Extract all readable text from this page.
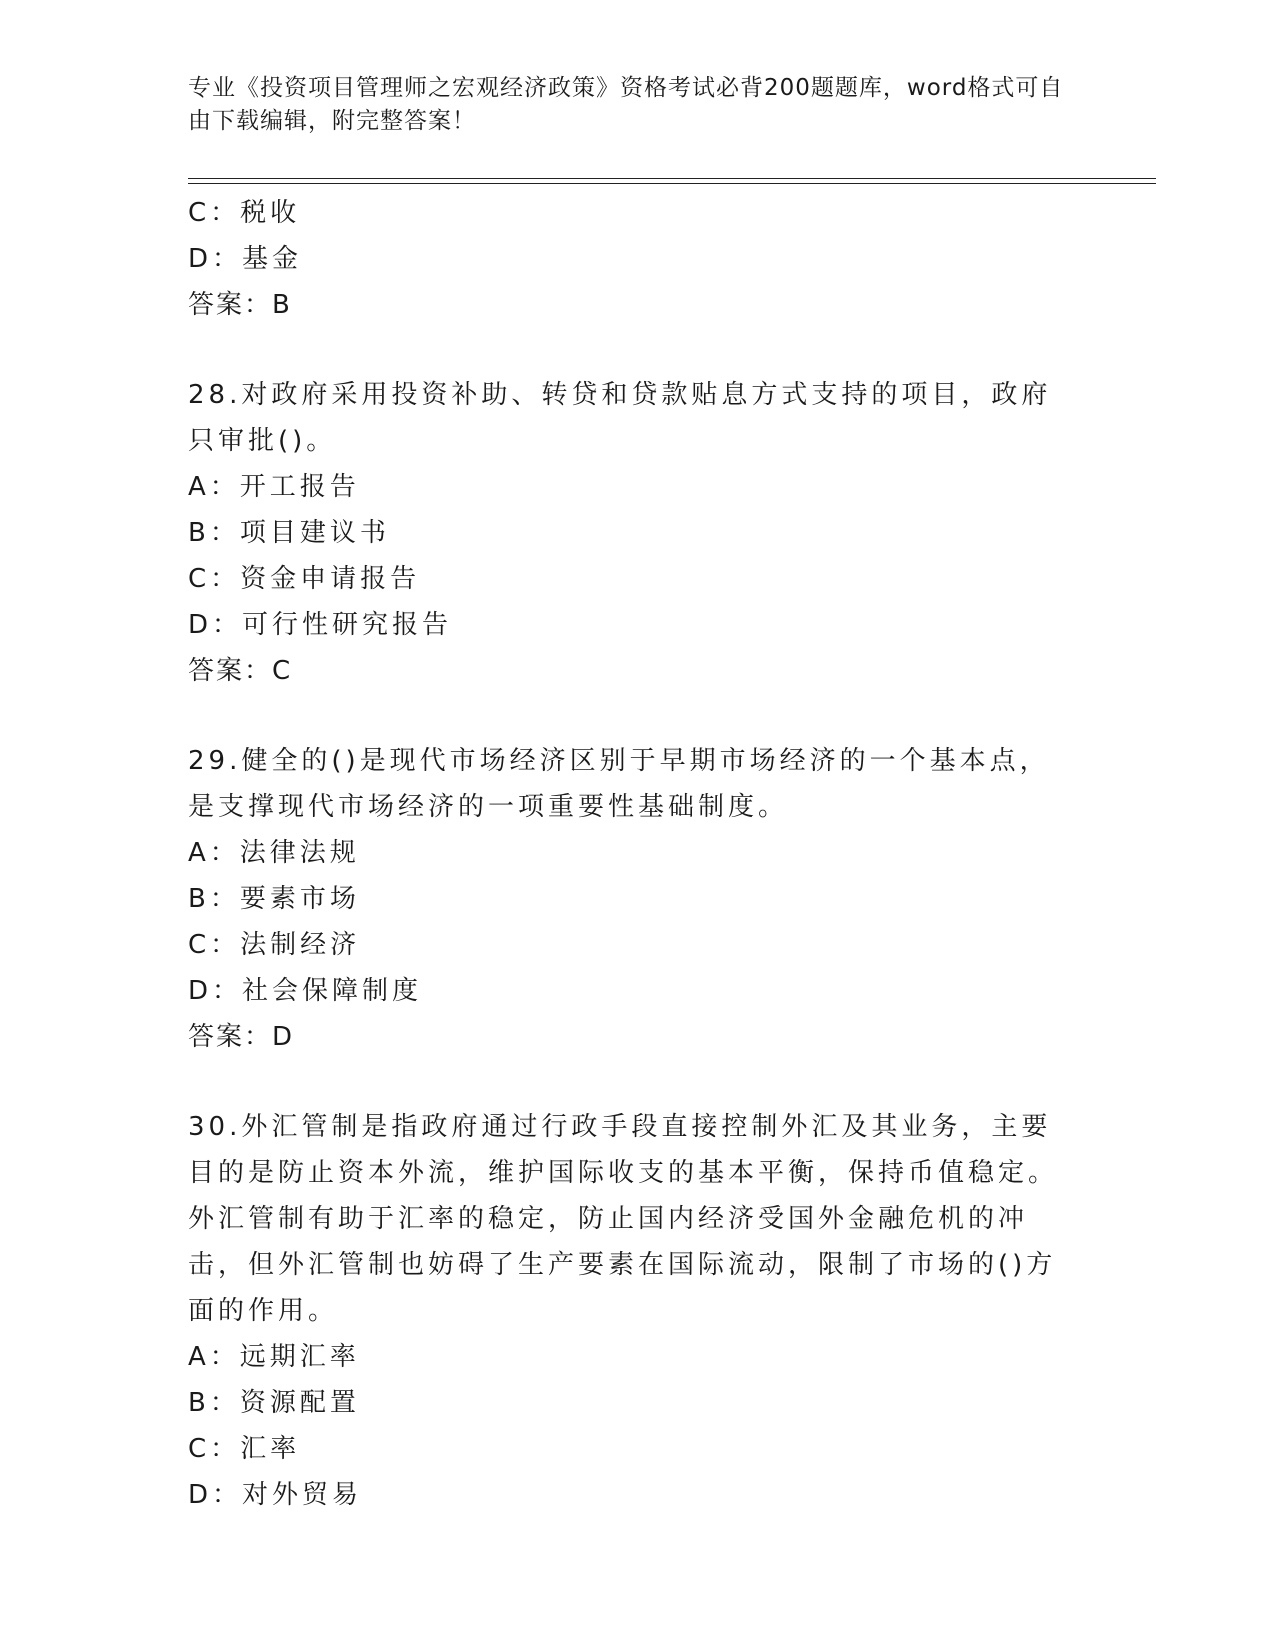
专业《投资项目管理师之宏观经济政策》资格考试必背200题题库，word格式可自由下载编辑，附完整答案！
C：税收
D：基金
答案：B
28.对政府采用投资补助、转贷和贷款贴息方式支持的项目，政府只审批()。
A：开工报告
B：项目建议书
C：资金申请报告
D：可行性研究报告
答案：C
29.健全的()是现代市场经济区别于早期市场经济的一个基本点，是支撑现代市场经济的一项重要性基础制度。
A：法律法规
B：要素市场
C：法制经济
D：社会保障制度
答案：D
30.外汇管制是指政府通过行政手段直接控制外汇及其业务，主要目的是防止资本外流，维护国际收支的基本平衡，保持币值稳定。外汇管制有助于汇率的稳定，防止国内经济受国外金融危机的冲击，但外汇管制也妨碍了生产要素在国际流动，限制了市场的()方面的作用。
A：远期汇率
B：资源配置
C：汇率
D：对外贸易
